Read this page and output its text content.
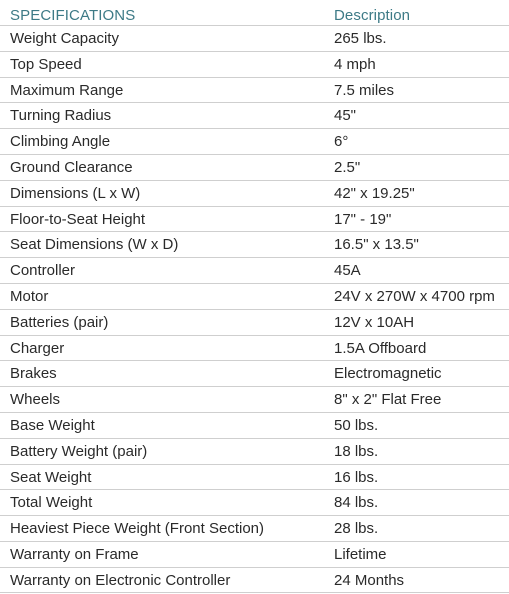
SPECIFICATIONS	Description
Weight Capacity	265 lbs.
Top Speed	4 mph
Maximum Range	7.5 miles
Turning Radius	45"
Climbing Angle	6°
Ground Clearance	2.5"
Dimensions (L x W)	42" x 19.25"
Floor-to-Seat Height	17" - 19"
Seat Dimensions (W x D)	16.5" x 13.5"
Controller	45A
Motor	24V x 270W x 4700 rpm
Batteries (pair)	12V x 10AH
Charger	1.5A Offboard
Brakes	Electromagnetic
Wheels	8" x 2" Flat Free
Base Weight	50 lbs.
Battery Weight (pair)	18 lbs.
Seat Weight	16 lbs.
Total Weight	84 lbs.
Heaviest Piece Weight (Front Section)	28 lbs.
Warranty on Frame	Lifetime
Warranty on Electronic Controller	24 Months
